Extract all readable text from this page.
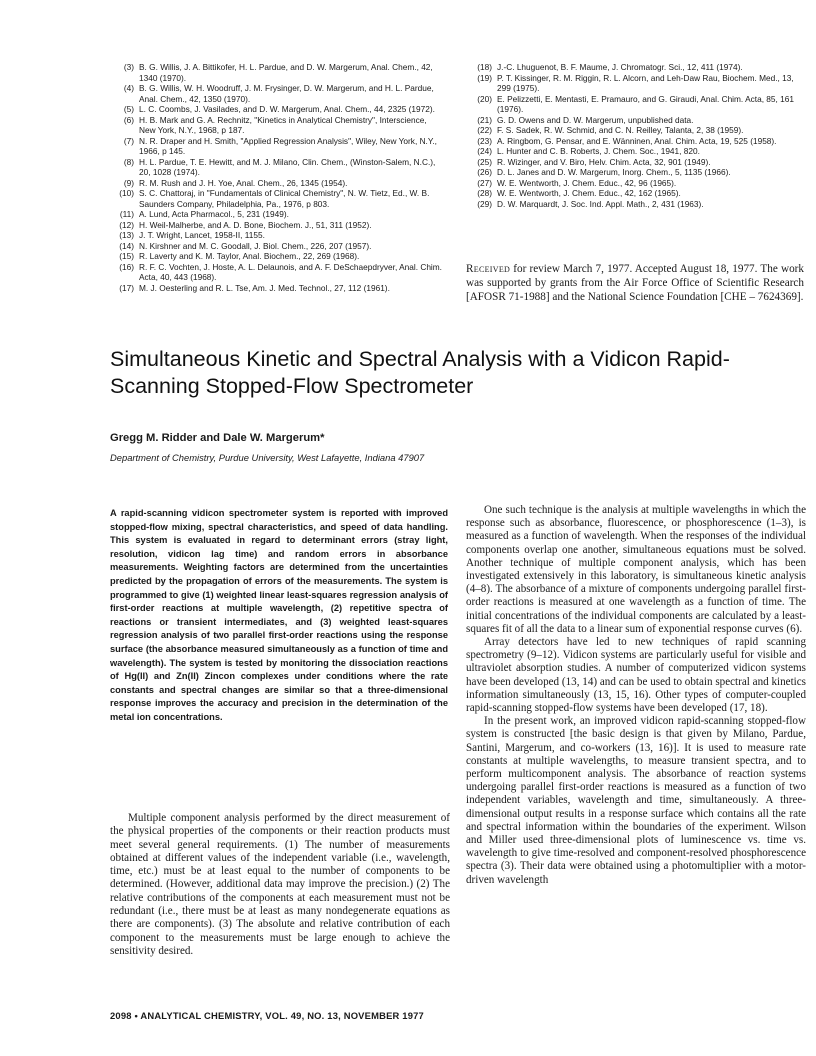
(3) B. G. Willis, J. A. Bittikofer, H. L. Pardue, and D. W. Margerum, Anal. Chem., 42, 1340 (1970).
(4) B. G. Willis, W. H. Woodruff, J. M. Frysinger, D. W. Margerum, and H. L. Pardue, Anal. Chem., 42, 1350 (1970).
(5) L. C. Coombs, J. Vasilades, and D. W. Margerum, Anal. Chem., 44, 2325 (1972).
(6) H. B. Mark and G. A. Rechnitz, "Kinetics in Analytical Chemistry", Interscience, New York, N.Y., 1968, p 187.
(7) N. R. Draper and H. Smith, "Applied Regression Analysis", Wiley, New York, N.Y., 1966, p 145.
(8) H. L. Pardue, T. E. Hewitt, and M. J. Milano, Clin. Chem., (Winston-Salem, N.C.), 20, 1028 (1974).
(9) R. M. Rush and J. H. Yoe, Anal. Chem., 26, 1345 (1954).
(10) S. C. Chattoraj, in "Fundamentals of Clinical Chemistry", N. W. Tietz, Ed., W. B. Saunders Company, Philadelphia, Pa., 1976, p 803.
(11) A. Lund, Acta Pharmacol., 5, 231 (1949).
(12) H. Weil-Malherbe, and A. D. Bone, Biochem. J., 51, 311 (1952).
(13) J. T. Wright, Lancet, 1958-II, 1155.
(14) N. Kirshner and M. C. Goodall, J. Biol. Chem., 226, 207 (1957).
(15) R. Laverty and K. M. Taylor, Anal. Biochem., 22, 269 (1968).
(16) R. F. C. Vochten, J. Hoste, A. L. Delaunois, and A. F. DeSchaepdryver, Anal. Chim. Acta, 40, 443 (1968).
(17) M. J. Oesterling and R. L. Tse, Am. J. Med. Technol., 27, 112 (1961).
(18) J.-C. Lhuguenot, B. F. Maume, J. Chromatogr. Sci., 12, 411 (1974).
(19) P. T. Kissinger, R. M. Riggin, R. L. Alcorn, and Leh-Daw Rau, Biochem. Med., 13, 299 (1975).
(20) E. Pelizzetti, E. Mentasti, E. Pramauro, and G. Giraudi, Anal. Chim. Acta, 85, 161 (1976).
(21) G. D. Owens and D. W. Margerum, unpublished data.
(22) F. S. Sadek, R. W. Schmid, and C. N. Reilley, Talanta, 2, 38 (1959).
(23) A. Ringbom, G. Pensar, and E. Wänninen, Anal. Chim. Acta, 19, 525 (1958).
(24) L. Hunter and C. B. Roberts, J. Chem. Soc., 1941, 820.
(25) R. Wizinger, and V. Biro, Helv. Chim. Acta, 32, 901 (1949).
(26) D. L. Janes and D. W. Margerum, Inorg. Chem., 5, 1135 (1966).
(27) W. E. Wentworth, J. Chem. Educ., 42, 96 (1965).
(28) W. E. Wentworth, J. Chem. Educ., 42, 162 (1965).
(29) D. W. Marquardt, J. Soc. Ind. Appl. Math., 2, 431 (1963).
Received for review March 7, 1977. Accepted August 18, 1977. The work was supported by grants from the Air Force Office of Scientific Research [AFOSR 71-1988] and the National Science Foundation [CHE – 7624369].
Simultaneous Kinetic and Spectral Analysis with a Vidicon Rapid-Scanning Stopped-Flow Spectrometer
Gregg M. Ridder and Dale W. Margerum*
Department of Chemistry, Purdue University, West Lafayette, Indiana 47907
A rapid-scanning vidicon spectrometer system is reported with improved stopped-flow mixing, spectral characteristics, and speed of data handling. This system is evaluated in regard to determinant errors (stray light, resolution, vidicon lag time) and random errors in absorbance measurements. Weighting factors are determined from the uncertainties predicted by the propagation of errors of the measurements. The system is programmed to give (1) weighted linear least-squares regression analysis of first-order reactions at multiple wavelength, (2) repetitive spectra of reactions or transient intermediates, and (3) weighted least-squares regression analysis of two parallel first-order reactions using the response surface (the absorbance measured simultaneously as a function of time and wavelength). The system is tested by monitoring the dissociation reactions of Hg(II) and Zn(II) Zincon complexes under conditions where the rate constants and spectral changes are similar so that a three-dimensional response improves the accuracy and precision in the determination of the metal ion concentrations.

Multiple component analysis performed by the direct measurement of the physical properties of the components or their reaction products must meet several general requirements. (1) The number of measurements obtained at different values of the independent variable (i.e., wavelength, time, etc.) must be at least equal to the number of components to be determined. (However, additional data may improve the precision.) (2) The relative contributions of the components at each measurement must not be redundant (i.e., there must be at least as many nondegenerate equations as there are components). (3) The absolute and relative contribution of each component to the measurements must be large enough to achieve the sensitivity desired.

One such technique is the analysis at multiple wavelengths in which the response such as absorbance, fluorescence, or phosphorescence (1–3), is measured as a function of wavelength. When the responses of the individual components overlap one another, simultaneous equations must be solved. Another technique of multiple component analysis, which has been investigated extensively in this laboratory, is simultaneous kinetic analysis (4–8). The absorbance of a mixture of components undergoing parallel first-order reactions is measured at one wavelength as a function of time. The initial concentrations of the individual components are calculated by a least-squares fit of all the data to a linear sum of exponential response curves (6).

Array detectors have led to new techniques of rapid scanning spectrometry (9–12). Vidicon systems are particularly useful for visible and ultraviolet absorption studies. A number of computerized vidicon systems have been developed (13, 14) and can be used to obtain spectral and kinetics information simultaneously (13, 15, 16). Other types of computer-coupled rapid-scanning stopped-flow systems have been developed (17, 18).

In the present work, an improved vidicon rapid-scanning stopped-flow system is constructed [the basic design is that given by Milano, Pardue, Santini, Margerum, and co-workers (13, 16)]. It is used to measure rate constants at multiple wavelengths, to measure transient spectra, and to perform multicomponent analysis. The absorbance of reaction systems undergoing parallel first-order reactions is measured as a function of two independent variables, wavelength and time, simultaneously. A three-dimensional output results in a response surface which contains all the rate and spectral information within the boundaries of the experiment. Wilson and Miller used three-dimensional plots of luminescence vs. time vs. wavelength to give time-resolved and component-resolved phosphorescence spectra (3). Their data were obtained using a photomultiplier with a motor-driven wavelength

2098 • ANALYTICAL CHEMISTRY, VOL. 49, NO. 13, NOVEMBER 1977
